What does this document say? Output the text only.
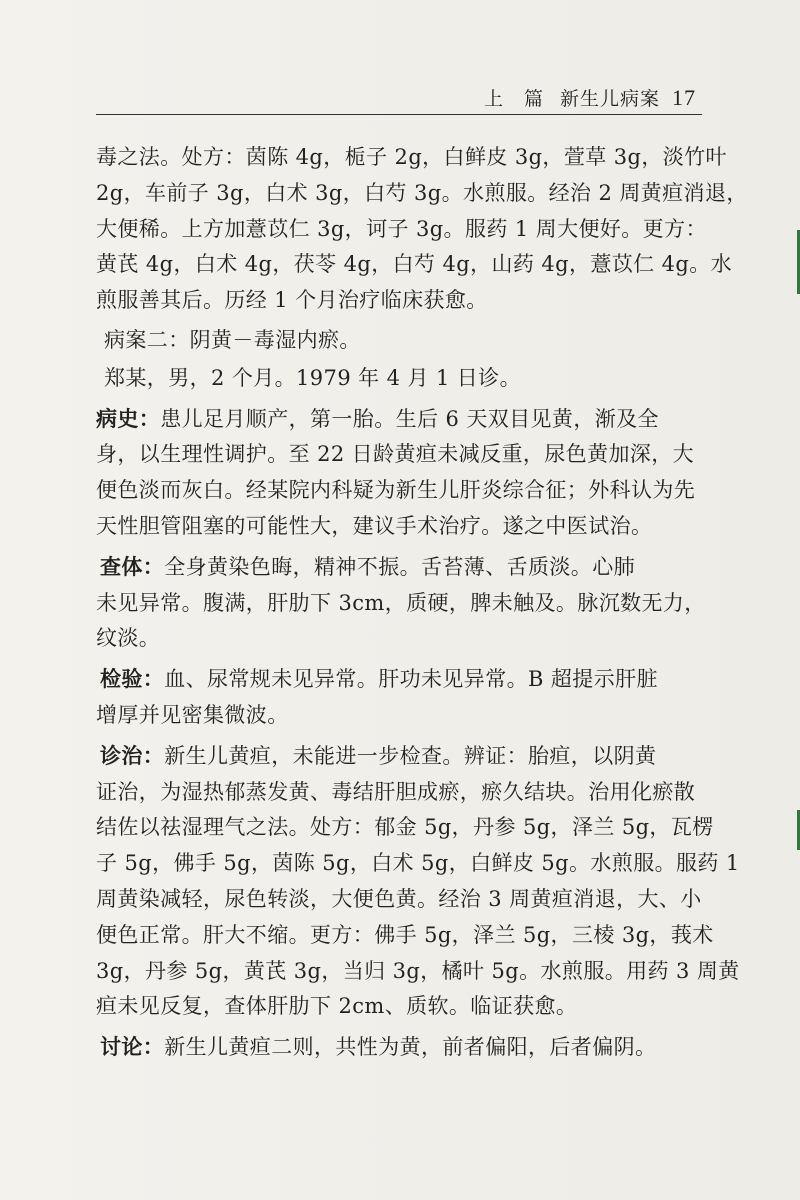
上　篇 新生儿病案 17
毒之法。处方：茵陈 4g，栀子 2g，白鲜皮 3g，萱草 3g，淡竹叶
2g，车前子 3g，白术 3g，白芍 3g。水煎服。经治 2 周黄疸消退，
大便稀。上方加薏苡仁 3g，诃子 3g。服药 1 周大便好。更方：
黄芪 4g，白术 4g，茯苓 4g，白芍 4g，山药 4g，薏苡仁 4g。水
煎服善其后。历经 1 个月治疗临床获愈。
病案二：阴黄－毒湿内瘀。
郑某，男，2 个月。1979 年 4 月 1 日诊。
病史：患儿足月顺产，第一胎。生后 6 天双目见黄，渐及全
身，以生理性调护。至 22 日龄黄疸未减反重，尿色黄加深，大
便色淡而灰白。经某院内科疑为新生儿肝炎综合征；外科认为先
天性胆管阻塞的可能性大，建议手术治疗。遂之中医试治。
查体：全身黄染色晦，精神不振。舌苔薄、舌质淡。心肺
未见异常。腹满，肝肋下 3cm，质硬，脾未触及。脉沉数无力，
纹淡。
检验：血、尿常规未见异常。肝功未见异常。B 超提示肝脏
增厚并见密集微波。
诊治：新生儿黄疸，未能进一步检查。辨证：胎疸，以阴黄
证治，为湿热郁蒸发黄、毒结肝胆成瘀，瘀久结块。治用化瘀散
结佐以祛湿理气之法。处方：郁金 5g，丹参 5g，泽兰 5g，瓦楞
子 5g，佛手 5g，茵陈 5g，白术 5g，白鲜皮 5g。水煎服。服药 1
周黄染减轻，尿色转淡，大便色黄。经治 3 周黄疸消退，大、小
便色正常。肝大不缩。更方：佛手 5g，泽兰 5g，三棱 3g，莪术
3g，丹参 5g，黄芪 3g，当归 3g，橘叶 5g。水煎服。用药 3 周黄
疸未见反复，查体肝肋下 2cm、质软。临证获愈。
讨论：新生儿黄疸二则，共性为黄，前者偏阳，后者偏阴。
